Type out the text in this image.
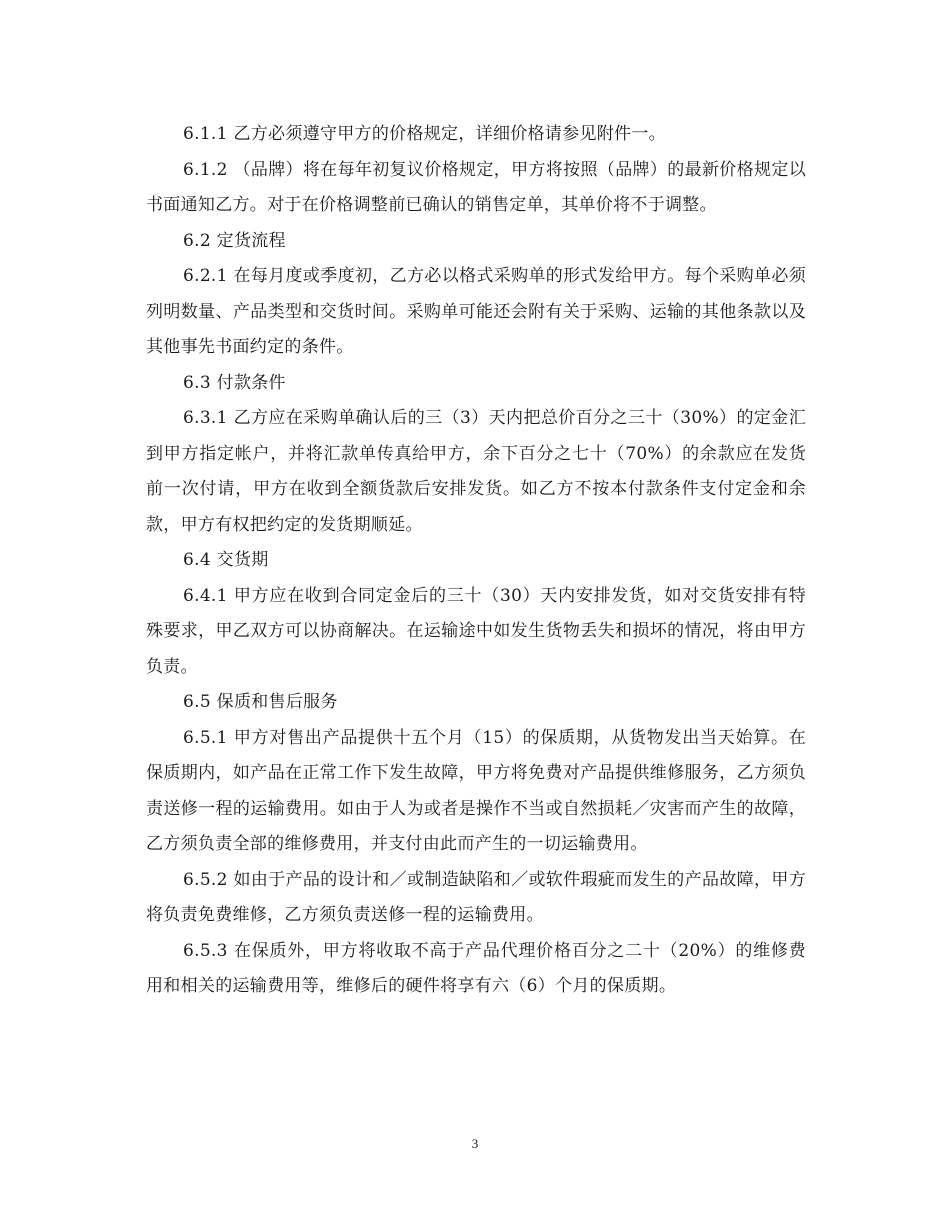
6.1.1 乙方必须遵守甲方的价格规定，详细价格请参见附件一。

6.1.2 （品牌）将在每年初复议价格规定，甲方将按照（品牌）的最新价格规定以书面通知乙方。对于在价格调整前已确认的销售定单，其单价将不于调整。

6.2 定货流程

6.2.1 在每月度或季度初，乙方必以格式采购单的形式发给甲方。每个采购单必须列明数量、产品类型和交货时间。采购单可能还会附有关于采购、运输的其他条款以及其他事先书面约定的条件。

6.3 付款条件

6.3.1 乙方应在采购单确认后的三（3）天内把总价百分之三十（30%）的定金汇到甲方指定帐户，并将汇款单传真给甲方，余下百分之七十（70%）的余款应在发货前一次付请，甲方在收到全额货款后安排发货。如乙方不按本付款条件支付定金和余款，甲方有权把约定的发货期顺延。

6.4 交货期

6.4.1 甲方应在收到合同定金后的三十（30）天内安排发货，如对交货安排有特殊要求，甲乙双方可以协商解决。在运输途中如发生货物丢失和损坏的情况，将由甲方负责。

6.5 保质和售后服务

6.5.1 甲方对售出产品提供十五个月（15）的保质期，从货物发出当天始算。在保质期内，如产品在正常工作下发生故障，甲方将免费对产品提供维修服务，乙方须负责送修一程的运输费用。如由于人为或者是操作不当或自然损耗／灾害而产生的故障，乙方须负责全部的维修费用，并支付由此而产生的一切运输费用。

6.5.2 如由于产品的设计和／或制造缺陷和／或软件瑕疵而发生的产品故障，甲方将负责免费维修，乙方须负责送修一程的运输费用。

6.5.3 在保质外，甲方将收取不高于产品代理价格百分之二十（20%）的维修费用和相关的运输费用等，维修后的硬件将享有六（6）个月的保质期。

3
